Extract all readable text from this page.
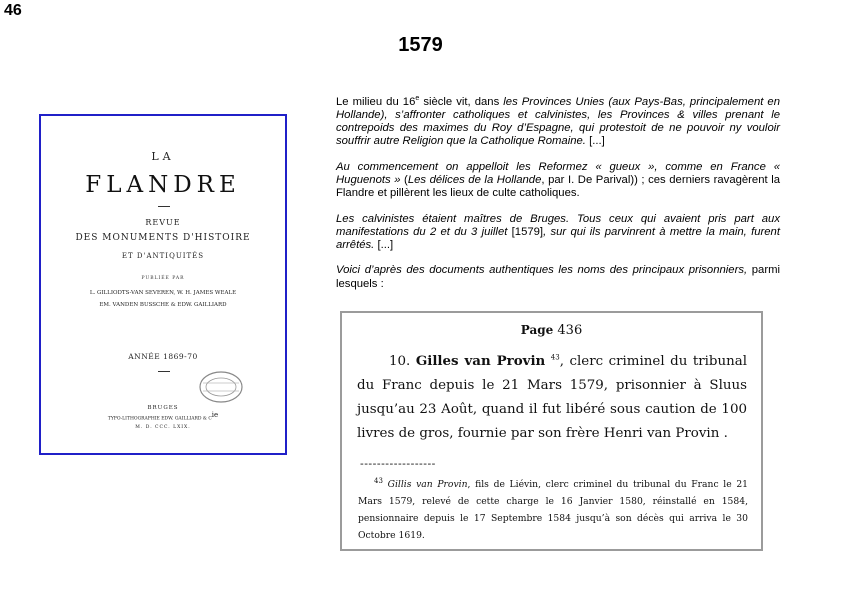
46
1579
LA
FLANDRE
REVUE
DES MONUMENTS D'HISTOIRE
ET D'ANTIQUITÉS
PUBLIÉE PAR
L. GILLIODTS-VAN SEVEREN, W. H. JAMES WEALE
EM. VANDEN BUSSCHE & EDW. GAILLIARD
ANNÉE 1869-70
BRUGES
TYPO-LITHOGRAPHIE EDW. GAILLIARD & $C^{ie}$
M. D. CCC. LXIX.

Le milieu du 16e siècle vit, dans les Provinces Unies (aux Pays-Bas, principalement en Hollande), s’affronter catholiques et calvinistes, les Provinces & villes prenant le contrepoids des maximes du Roy d’Espagne, qui protestoit de ne pouvoir ny vouloir souffrir autre Religion que la Catholique Romaine. [...]

Au commencement on appelloit les Reformez « gueux », comme en France « Huguenots » (Les délices de la Hollande, par I. De Parival)) ; ces derniers ravagèrent la Flandre et pillèrent les lieux de culte catholiques.

Les calvinistes étaient maîtres de Bruges. Tous ceux qui avaient pris part aux manifestations du 2 et du 3 juillet [1579], sur qui ils parvinrent à mettre la main, furent arrêtés. [...]

Voici d’après des documents authentiques les noms des principaux prisonniers, parmi lesquels :

Page 436
10. Gilles van Provin $^{43}$, clerc criminel du tribunal du Franc depuis le 21 Mars 1579, prisonnier à Sluus jusqu’au 23 Août, quand il fut libéré sous caution de 100 livres de gros, fournie par son frère Henri van Provin .
------------------
$^{43}$ Gillis van Provin, fils de Liévin, clerc criminel du tribunal du Franc le 21 Mars 1579, relevé de cette charge le 16 Janvier 1580, réinstallé en 1584, pensionnaire depuis le 17 Septembre 1584 jusqu’à son décès qui arriva le 30 Octobre 1619.
